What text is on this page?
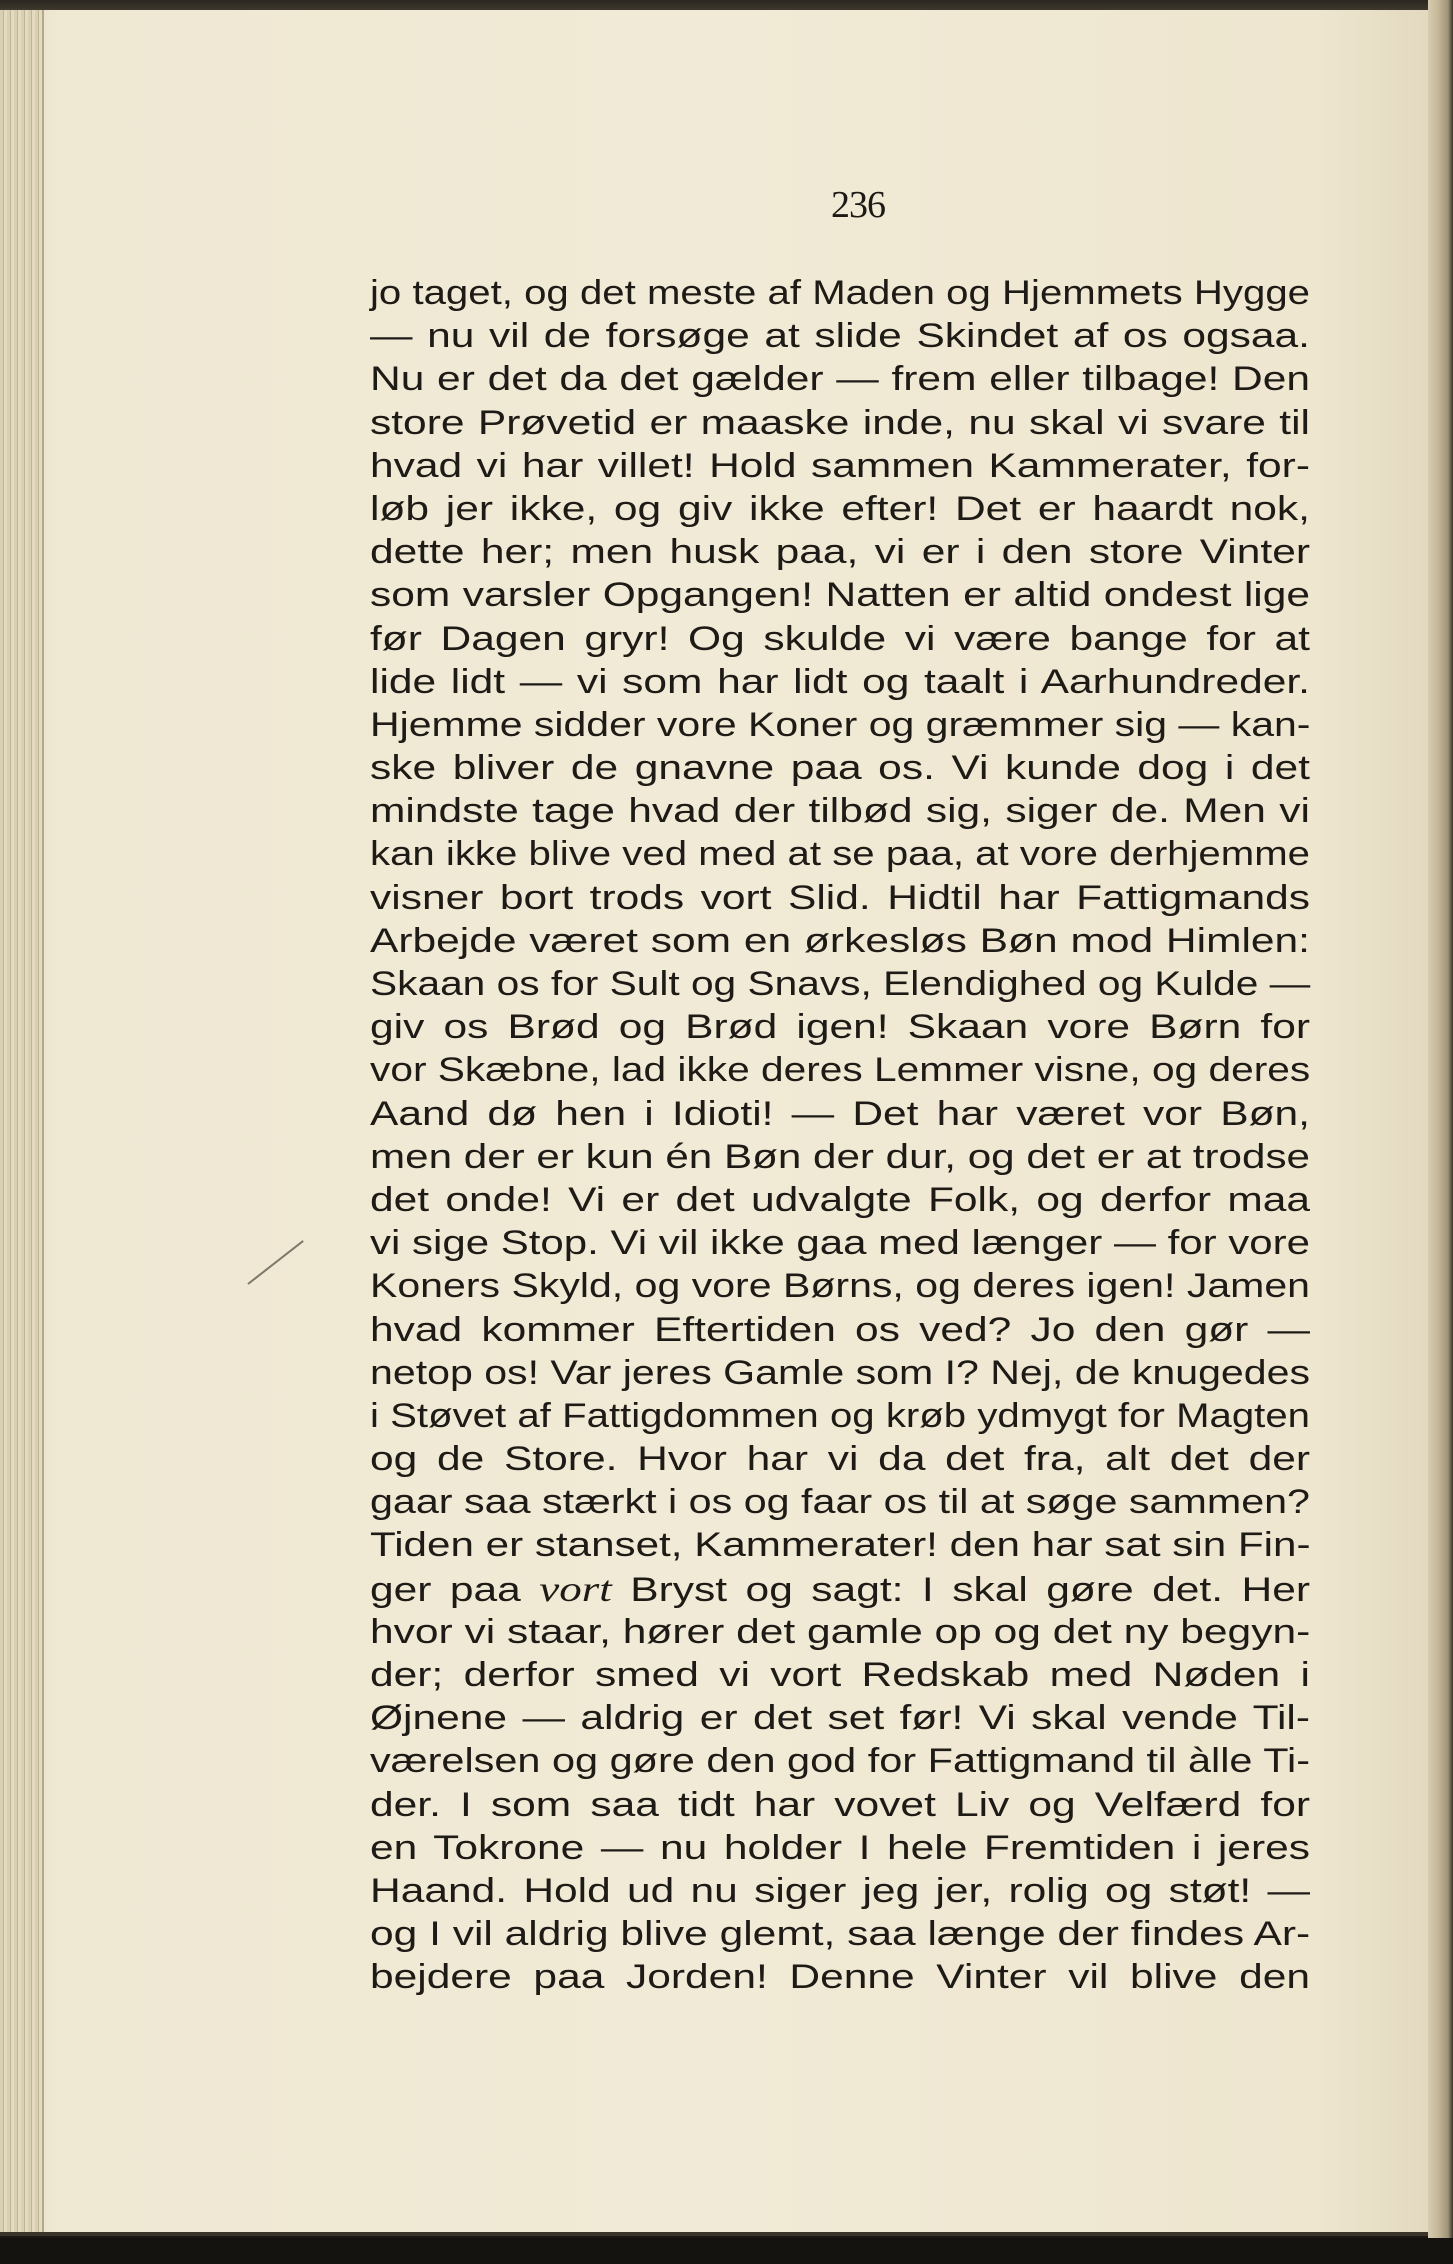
236
jo taget, og det meste af Maden og Hjemmets Hygge
— nu vil de forsøge at slide Skindet af os ogsaa.
Nu er det da det gælder — frem eller tilbage! Den
store Prøvetid er maaske inde, nu skal vi svare til
hvad vi har villet! Hold sammen Kammerater, for-
løb jer ikke, og giv ikke efter! Det er haardt nok,
dette her; men husk paa, vi er i den store Vinter
som varsler Opgangen! Natten er altid ondest lige
før Dagen gryr! Og skulde vi være bange for at
lide lidt — vi som har lidt og taalt i Aarhundreder.
Hjemme sidder vore Koner og græmmer sig — kan-
ske bliver de gnavne paa os. Vi kunde dog i det
mindste tage hvad der tilbød sig, siger de. Men vi
kan ikke blive ved med at se paa, at vore derhjemme
visner bort trods vort Slid. Hidtil har Fattigmands
Arbejde været som en ørkesløs Bøn mod Himlen:
Skaan os for Sult og Snavs, Elendighed og Kulde —
giv os Brød og Brød igen! Skaan vore Børn for
vor Skæbne, lad ikke deres Lemmer visne, og deres
Aand dø hen i Idioti! — Det har været vor Bøn,
men der er kun én Bøn der dur, og det er at trodse
det onde! Vi er det udvalgte Folk, og derfor maa
vi sige Stop. Vi vil ikke gaa med længer — for vore
Koners Skyld, og vore Børns, og deres igen! Jamen
hvad kommer Eftertiden os ved? Jo den gør —
netop os! Var jeres Gamle som I? Nej, de knugedes
i Støvet af Fattigdommen og krøb ydmygt for Magten
og de Store. Hvor har vi da det fra, alt det der
gaar saa stærkt i os og faar os til at søge sammen?
Tiden er stanset, Kammerater! den har sat sin Fin-
ger paa vort Bryst og sagt: I skal gøre det. Her
hvor vi staar, hører det gamle op og det ny begyn-
der; derfor smed vi vort Redskab med Nøden i
Øjnene — aldrig er det set før! Vi skal vende Til-
værelsen og gøre den god for Fattigmand til àlle Ti-
der. I som saa tidt har vovet Liv og Velfærd for
en Tokrone — nu holder I hele Fremtiden i jeres
Haand. Hold ud nu siger jeg jer, rolig og støt! —
og I vil aldrig blive glemt, saa længe der findes Ar-
bejdere paa Jorden! Denne Vinter vil blive den
